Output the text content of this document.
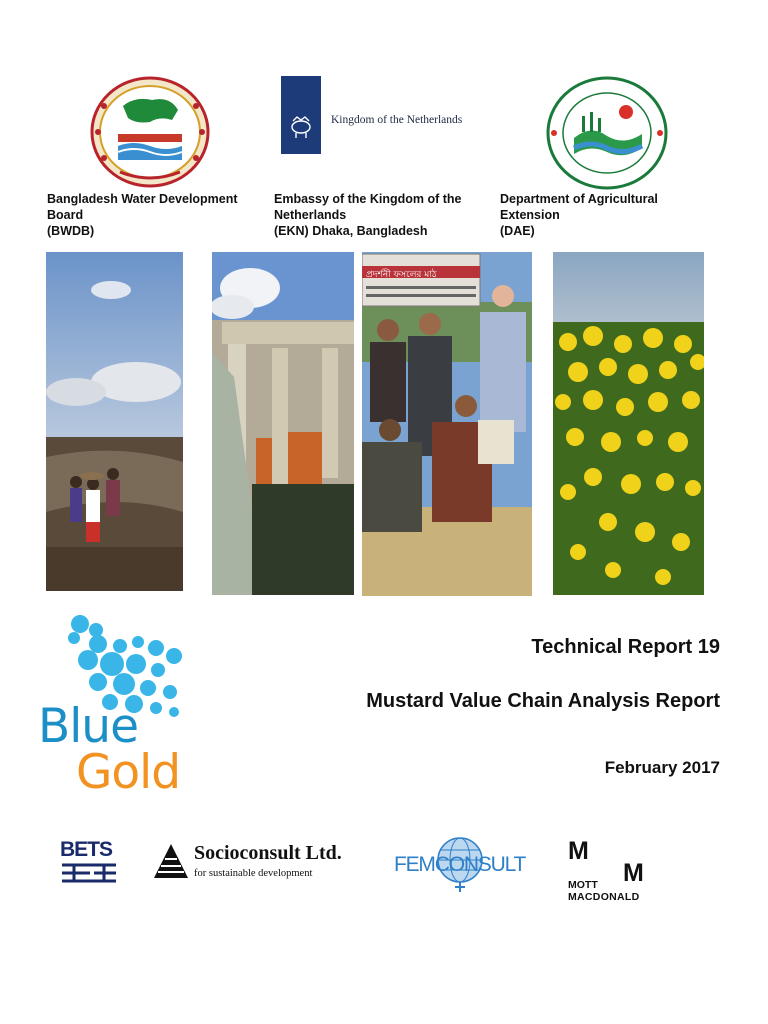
Kingdom of the Netherlands
Bangladesh Water Development
Board
(BWDB)
Embassy of the Kingdom of the
Netherlands
(EKN) Dhaka, Bangladesh
Department of Agricultural
Extension
(DAE)
প্রদর্শনী ফসলের মাঠ
Blue
Gold
Technical Report 19
Mustard Value Chain Analysis Report
February 2017
BETS	Socioconsult Ltd.
for sustainable development	FEMCONSULT M
M
MOTT
MACDONALD
